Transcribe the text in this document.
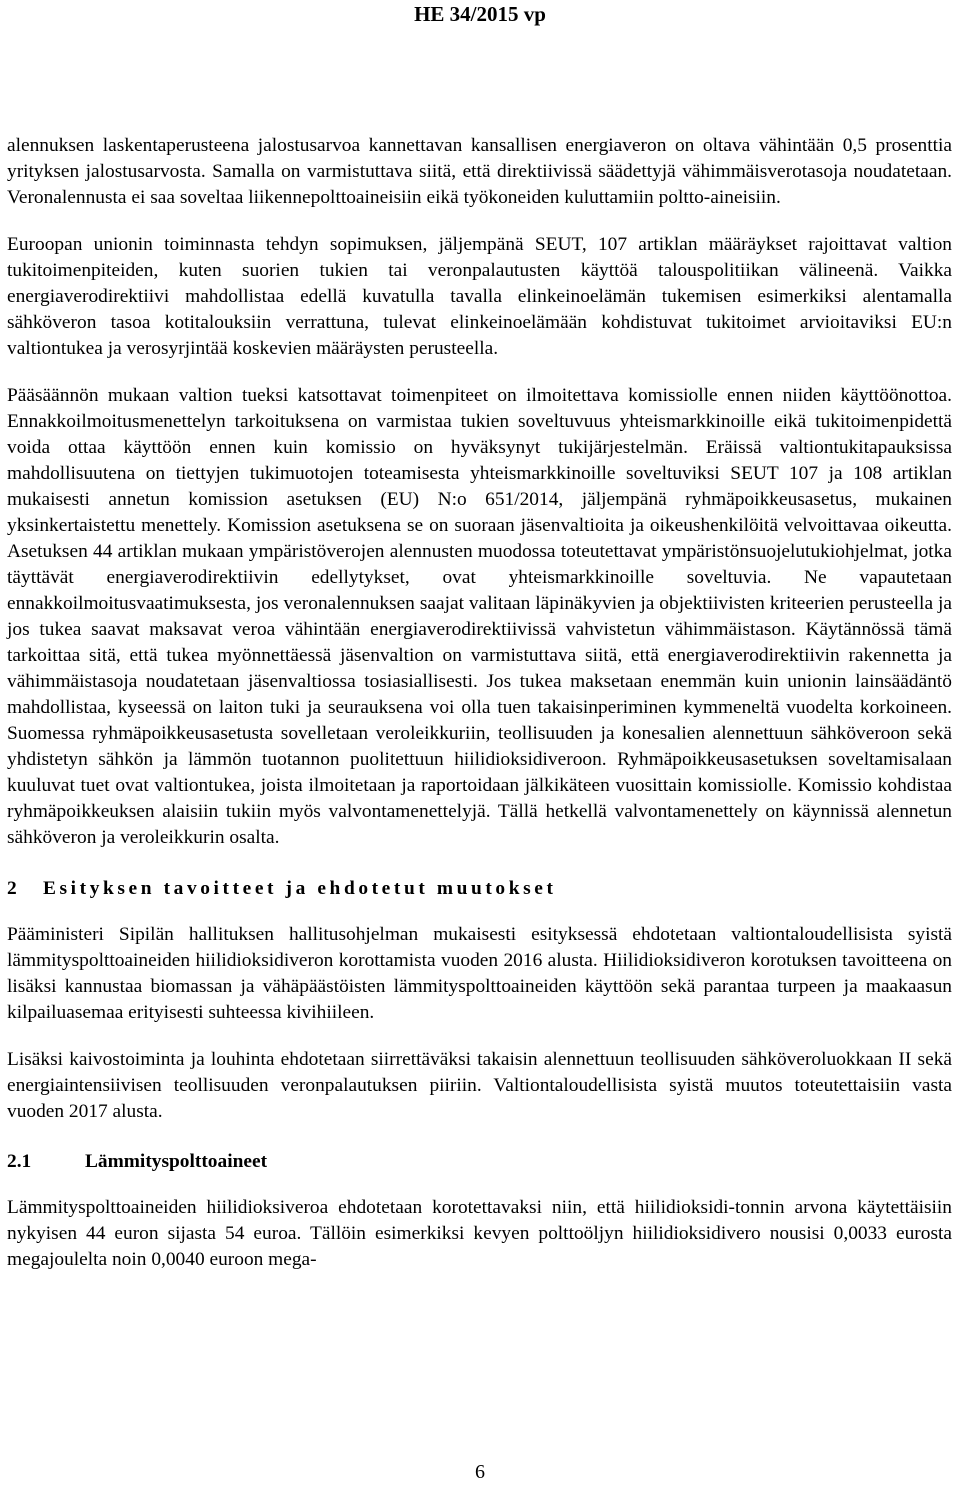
HE 34/2015 vp

alennuksen laskentaperusteena jalostusarvoa kannettavan kansallisen energiaveron on oltava vähintään 0,5 prosenttia yrityksen jalostusarvosta. Samalla on varmistuttava siitä, että direktiivissä säädettyjä vähimmäisverotasoja noudatetaan. Veronalennusta ei saa soveltaa liikennepolttoaineisiin eikä työkoneiden kuluttamiin poltto-aineisiin.

Euroopan unionin toiminnasta tehdyn sopimuksen, jäljempänä SEUT, 107 artiklan määräykset rajoittavat valtion tukitoimenpiteiden, kuten suorien tukien tai veronpalautusten käyttöä talouspolitiikan välineenä. Vaikka energiaverodirektiivi mahdollistaa edellä kuvatulla tavalla elinkeinoelämän tukemisen esimerkiksi alentamalla sähköveron tasoa kotitalouksiin verrattuna, tulevat elinkeinoelämään kohdistuvat tukitoimet arvioitaviksi EU:n valtiontukea ja verosyrjintää koskevien määräysten perusteella.

Pääsäännön mukaan valtion tueksi katsottavat toimenpiteet on ilmoitettava komissiolle ennen niiden käyttöönottoa. Ennakkoilmoitusmenettelyn tarkoituksena on varmistaa tukien soveltuvuus yhteismarkkinoille eikä tukitoimenpidettä voida ottaa käyttöön ennen kuin komissio on hyväksynyt tukijärjestelmän. Eräissä valtiontukitapauksissa mahdollisuutena on tiettyjen tukimuotojen toteamisesta yhteismarkkinoille soveltuviksi SEUT 107 ja 108 artiklan mukaisesti annetun komission asetuksen (EU) N:o 651/2014, jäljempänä ryhmäpoikkeusasetus, mukainen yksinkertaistettu menettely. Komission asetuksena se on suoraan jäsenvaltioita ja oikeushenkilöitä velvoittavaa oikeutta. Asetuksen 44 artiklan mukaan ympäristöverojen alennusten muodossa toteutettavat ympäristönsuojelutukiohjelmat, jotka täyttävät energiaverodirektiivin edellytykset, ovat yhteismarkkinoille soveltuvia. Ne vapautetaan ennakkoilmoitusvaatimuksesta, jos veronalennuksen saajat valitaan läpinäkyvien ja objektiivisten kriteerien perusteella ja jos tukea saavat maksavat veroa vähintään energiaverodirektiivissä vahvistetun vähimmäistason. Käytännössä tämä tarkoittaa sitä, että tukea myönnettäessä jäsenvaltion on varmistuttava siitä, että energiaverodirektiivin rakennetta ja vähimmäistasoja noudatetaan jäsenvaltiossa tosiasiallisesti. Jos tukea maksetaan enemmän kuin unionin lainsäädäntö mahdollistaa, kyseessä on laiton tuki ja seurauksena voi olla tuen takaisinperiminen kymmeneltä vuodelta korkoineen. Suomessa ryhmäpoikkeusasetusta sovelletaan veroleikkuriin, teollisuuden ja konesalien alennettuun sähköveroon sekä yhdistetyn sähkön ja lämmön tuotannon puolitettuun hiilidioksidiveroon. Ryhmäpoikkeusasetuksen soveltamisalaan kuuluvat tuet ovat valtiontukea, joista ilmoitetaan ja raportoidaan jälkikäteen vuosittain komissiolle. Komissio kohdistaa ryhmäpoikkeuksen alaisiin tukiin myös valvontamenettelyjä. Tällä hetkellä valvontamenettely on käynnissä alennetun sähköveron ja veroleikkurin osalta.

2 Esityksen tavoitteet ja ehdotetut muutokset

Pääministeri Sipilän hallituksen hallitusohjelman mukaisesti esityksessä ehdotetaan valtiontaloudellisista syistä lämmityspolttoaineiden hiilidioksidiveron korottamista vuoden 2016 alusta. Hiilidioksidiveron korotuksen tavoitteena on lisäksi kannustaa biomassan ja vähäpäästöisten lämmityspolttoaineiden käyttöön sekä parantaa turpeen ja maakaasun kilpailuasemaa erityisesti suhteessa kivihiileen.

Lisäksi kaivostoiminta ja louhinta ehdotetaan siirrettäväksi takaisin alennettuun teollisuuden sähköveroluokkaan II sekä energiaintensiivisen teollisuuden veronpalautuksen piiriin. Valtiontaloudellisista syistä muutos toteutettaisiin vasta vuoden 2017 alusta.

2.1	Lämmityspolttoaineet

Lämmityspolttoaineiden hiilidioksiveroa ehdotetaan korotettavaksi niin, että hiilidioksidi-tonnin arvona käytettäisiin nykyisen 44 euron sijasta 54 euroa. Tällöin esimerkiksi kevyen polttoöljyn hiilidioksidivero nousisi 0,0033 eurosta megajoulelta noin 0,0040 euroon mega-

6
